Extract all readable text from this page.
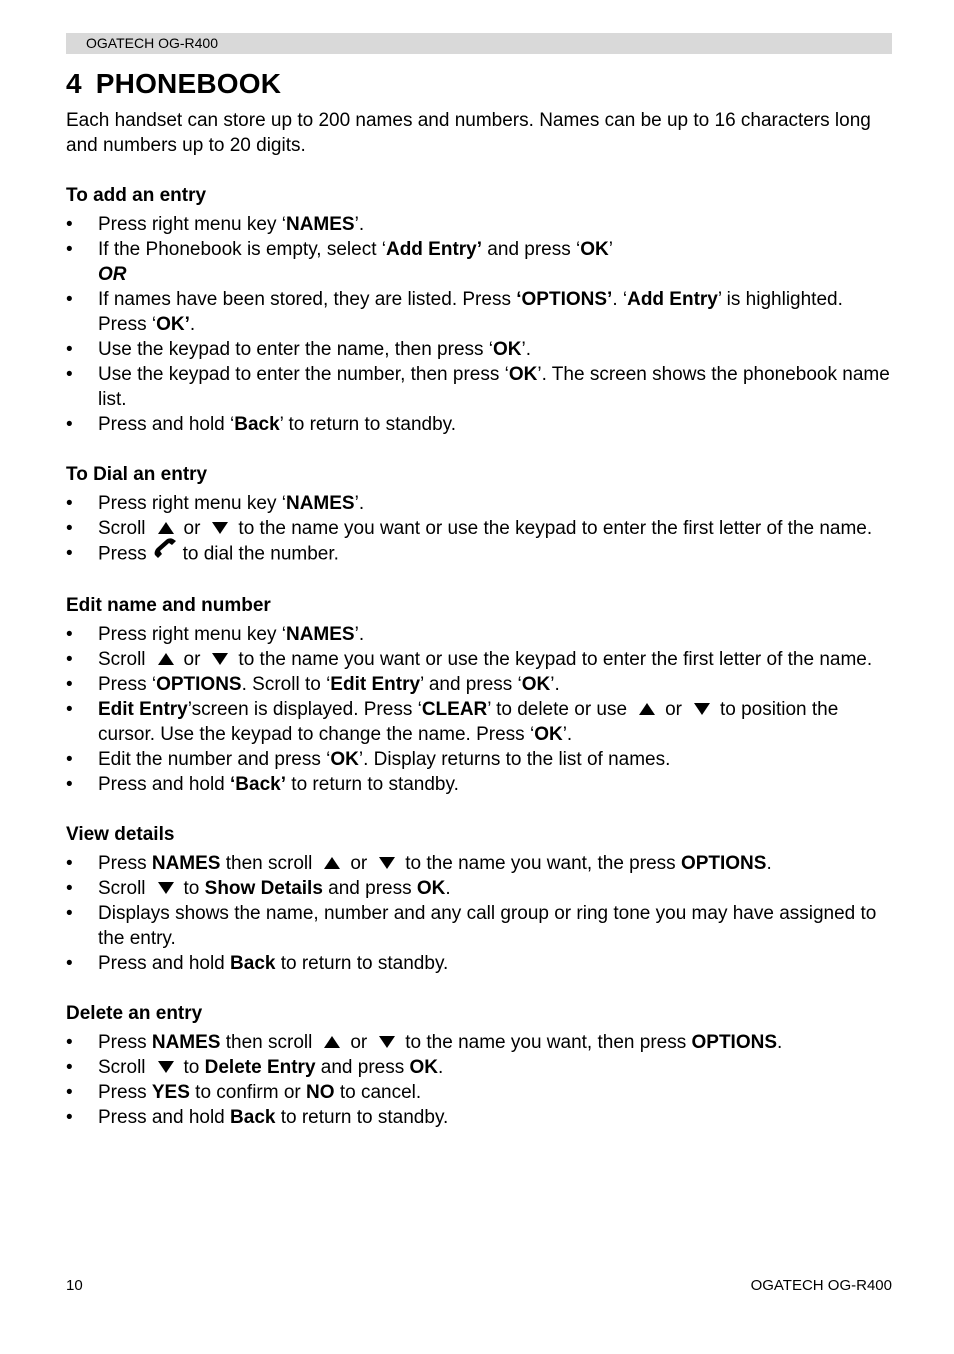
OGATECH OG-R400
4 PHONEBOOK

Each handset can store up to 200 names and numbers. Names can be up to 16 characters long and numbers up to 20 digits.

To add an entry
• Press right menu key ‘NAMES’.
• If the Phonebook is empty, select ‘Add Entry’ and press ‘OK’
OR
• If names have been stored, they are listed. Press ‘OPTIONS’. ‘Add Entry’ is highlighted. Press ‘OK’.
• Use the keypad to enter the name, then press ‘OK’.
• Use the keypad to enter the number, then press ‘OK’. The screen shows the phonebook name list.
• Press and hold ‘Back’ to return to standby.
To Dial an entry
• Press right menu key ‘NAMES’.
• Scroll or to the name you want or use the keypad to enter the first letter of the name.
• Press to dial the number.
Edit name and number
• Press right menu key ‘NAMES’.
• Scroll or to the name you want or use the keypad to enter the first letter of the name.
• Press ‘OPTIONS. Scroll to ‘Edit Entry’ and press ‘OK’.
• Edit Entry’screen is displayed. Press ‘CLEAR’ to delete or use or to position the cursor. Use the keypad to change the name. Press ‘OK’.
• Edit the number and press ‘OK’. Display returns to the list of names.
• Press and hold ‘Back’ to return to standby.
View details
• Press NAMES then scroll or to the name you want, the press OPTIONS.
• Scroll to Show Details and press OK.
• Displays shows the name, number and any call group or ring tone you may have assigned to the entry.
• Press and hold Back to return to standby.
Delete an entry
• Press NAMES then scroll or to the name you want, then press OPTIONS.
• Scroll to Delete Entry and press OK.
• Press YES to confirm or NO to cancel.
• Press and hold Back to return to standby.
10	OGATECH OG-R400
